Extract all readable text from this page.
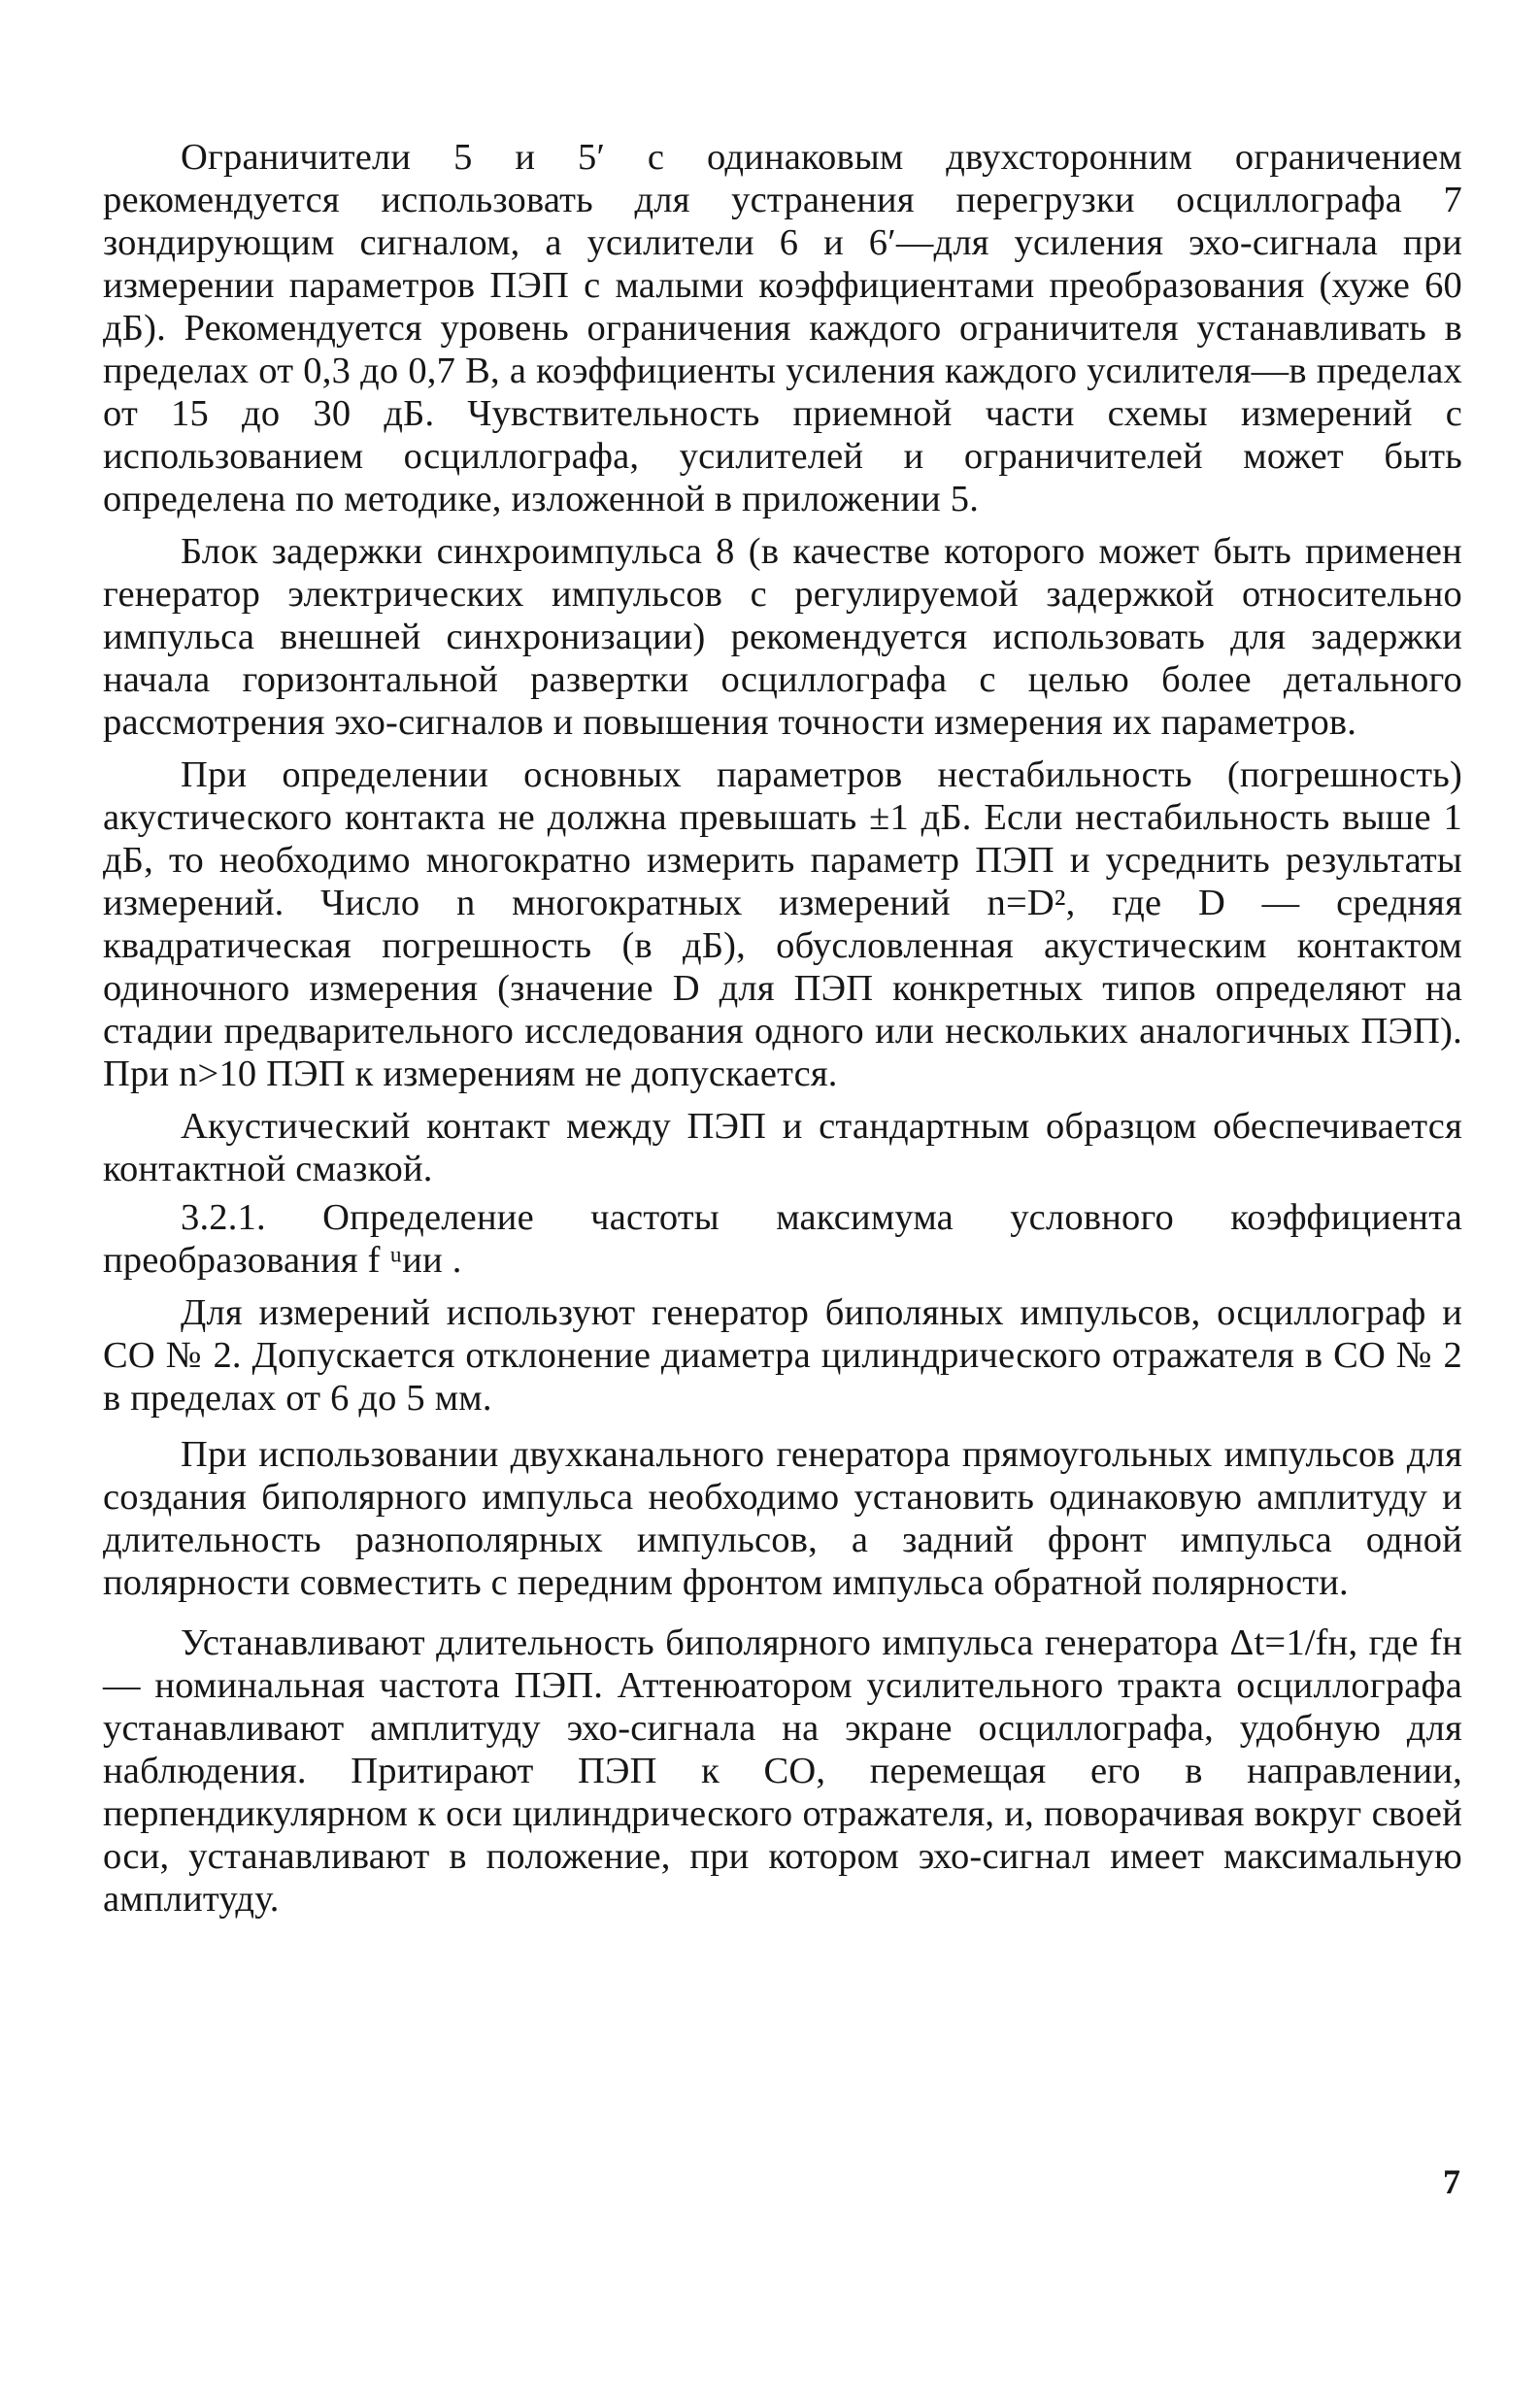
Ограничители 5 и 5′ с одинаковым двухсторонним ограничением рекомендуется использовать для устранения перегрузки осциллографа 7 зондирующим сигналом, а усилители 6 и 6′—для усиления эхо-сигнала при измерении параметров ПЭП с малыми коэффициентами преобразования (хуже 60 дБ). Рекомендуется уровень ограничения каждого ограничителя устанавливать в пределах от 0,3 до 0,7 В, а коэффициенты усиления каждого усилителя—в пределах от 15 до 30 дБ. Чувствительность приемной части схемы измерений с использованием осциллографа, усилителей и ограничителей может быть определена по методике, изложенной в приложении 5.

Блок задержки синхроимпульса 8 (в качестве которого может быть применен генератор электрических импульсов с регулируемой задержкой относительно импульса внешней синхронизации) рекомендуется использовать для задержки начала горизонтальной развертки осциллографа с целью более детального рассмотрения эхо-сигналов и повышения точности измерения их параметров.

При определении основных параметров нестабильность (погрешность) акустического контакта не должна превышать ±1 дБ. Если нестабильность выше 1 дБ, то необходимо многократно измерить параметр ПЭП и усреднить результаты измерений. Число n многократных измерений n=D², где D — средняя квадратическая погрешность (в дБ), обусловленная акустическим контактом одиночного измерения (значение D для ПЭП конкретных типов определяют на стадии предварительного исследования одного или нескольких аналогичных ПЭП). При n>10 ПЭП к измерениям не допускается.

Акустический контакт между ПЭП и стандартным образцом обеспечивается контактной смазкой.

3.2.1. Определение частоты максимума условного коэффициента преобразования f ᵘии .

Для измерений используют генератор биполяных импульсов, осциллограф и СО № 2. Допускается отклонение диаметра цилиндрического отражателя в СО № 2 в пределах от 6 до 5 мм.

При использовании двухканального генератора прямоугольных импульсов для создания биполярного импульса необходимо установить одинаковую амплитуду и длительность разнополярных импульсов, а задний фронт импульса одной полярности совместить с передним фронтом импульса обратной полярности.

Устанавливают длительность биполярного импульса генератора Δt=1/fн, где fн — номинальная частота ПЭП. Аттенюатором усилительного тракта осциллографа устанавливают амплитуду эхо-сигнала на экране осциллографа, удобную для наблюдения. Притирают ПЭП к СО, перемещая его в направлении, перпендикулярном к оси цилиндрического отражателя, и, поворачивая вокруг своей оси, устанавливают в положение, при котором эхо-сигнал имеет максимальную амплитуду.

7
